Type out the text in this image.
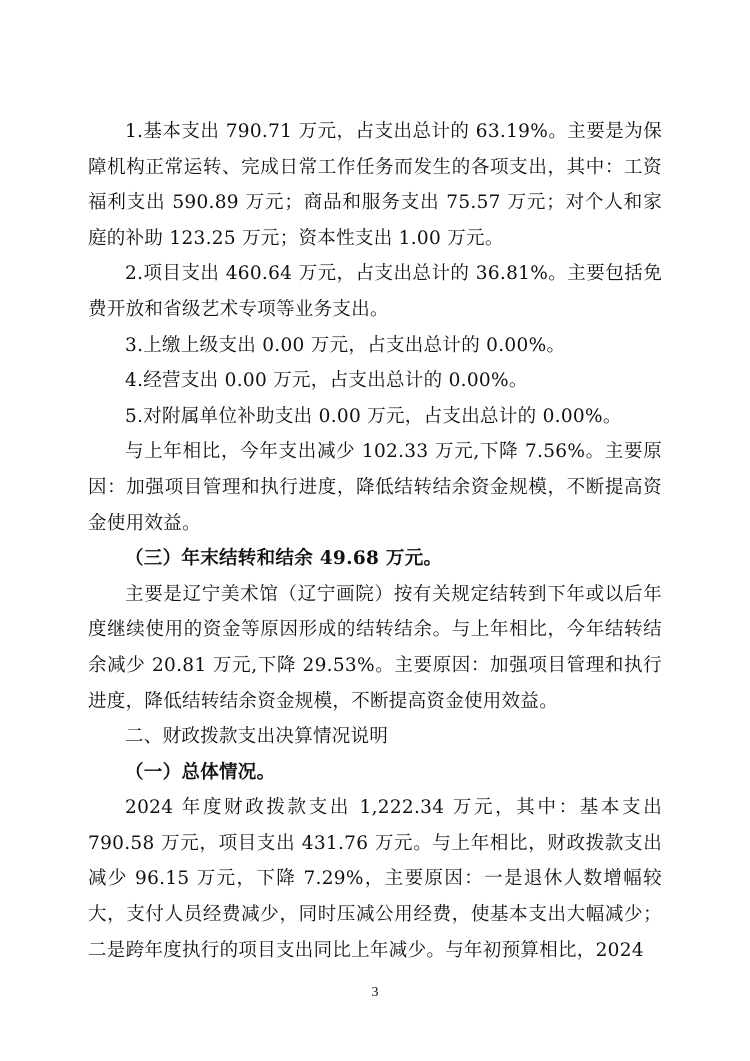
1.基本支出 790.71 万元，占支出总计的 63.19%。主要是为保障机构正常运转、完成日常工作任务而发生的各项支出，其中：工资福利支出 590.89 万元；商品和服务支出 75.57 万元；对个人和家庭的补助 123.25 万元；资本性支出 1.00 万元。

2.项目支出 460.64 万元，占支出总计的 36.81%。主要包括免费开放和省级艺术专项等业务支出。

3.上缴上级支出 0.00 万元，占支出总计的 0.00%。

4.经营支出 0.00 万元，占支出总计的 0.00%。

5.对附属单位补助支出 0.00 万元，占支出总计的 0.00%。

与上年相比，今年支出减少 102.33 万元,下降 7.56%。主要原因：加强项目管理和执行进度，降低结转结余资金规模，不断提高资金使用效益。

（三）年末结转和结余 49.68 万元。

主要是辽宁美术馆（辽宁画院）按有关规定结转到下年或以后年度继续使用的资金等原因形成的结转结余。与上年相比，今年结转结余减少 20.81 万元,下降 29.53%。主要原因：加强项目管理和执行进度，降低结转结余资金规模，不断提高资金使用效益。

二、财政拨款支出决算情况说明

（一）总体情况。

2024 年度财政拨款支出 1,222.34 万元，其中：基本支出 790.58 万元，项目支出 431.76 万元。与上年相比，财政拨款支出减少 96.15 万元，下降 7.29%，主要原因：一是退休人数增幅较大，支付人员经费减少，同时压减公用经费，使基本支出大幅减少；二是跨年度执行的项目支出同比上年减少。与年初预算相比，2024

3
